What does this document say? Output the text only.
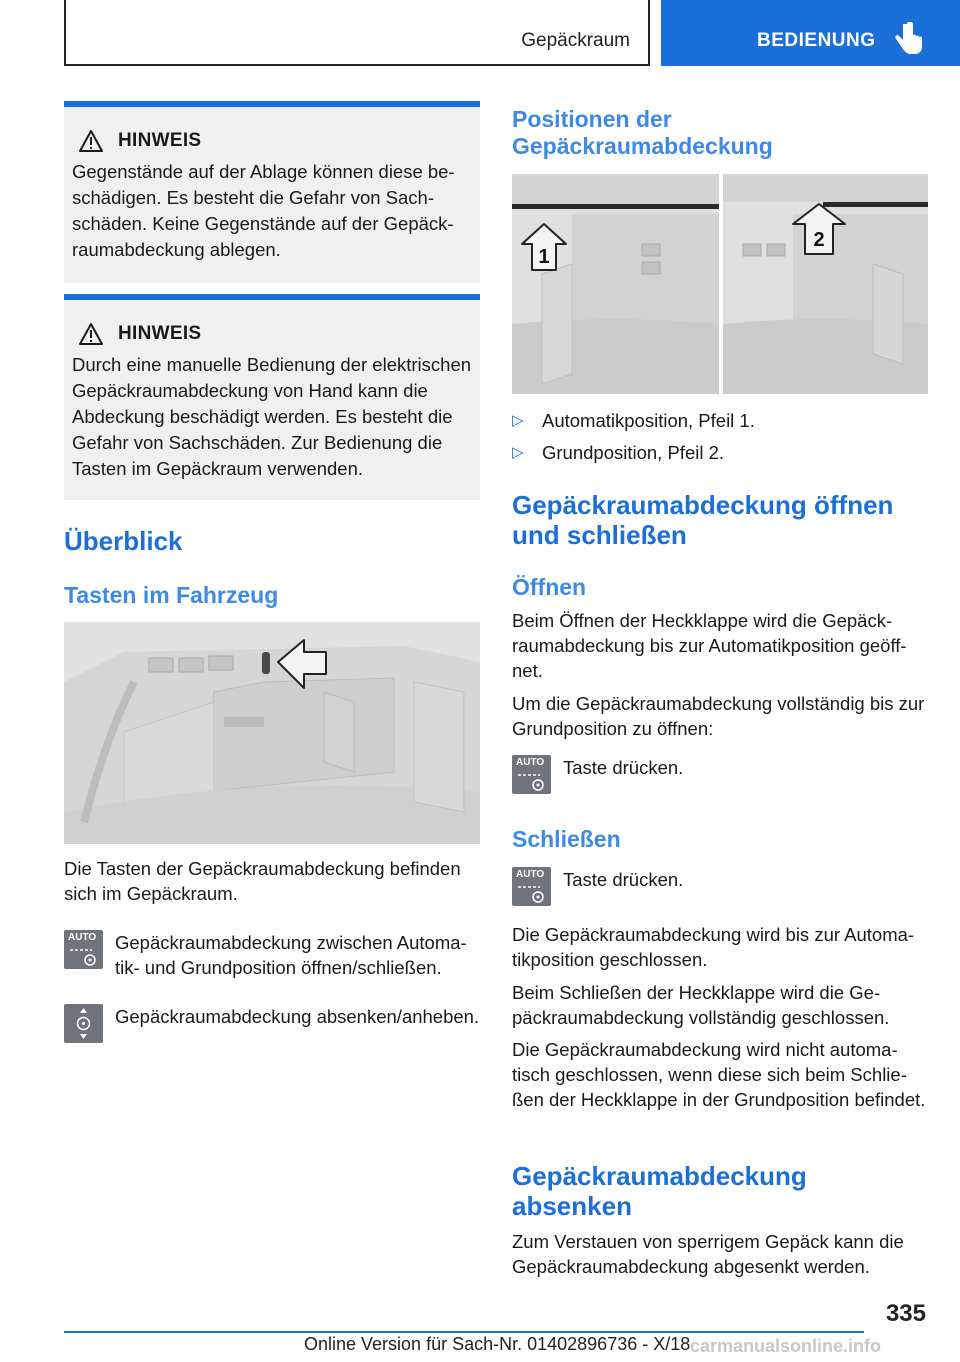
Gepäckraum	BEDIENUNG
HINWEIS
Gegenstände auf der Ablage können diese beschädigen. Es besteht die Gefahr von Sachschäden. Keine Gegenstände auf der Gepäckraumabdeckung ablegen.
HINWEIS
Durch eine manuelle Bedienung der elektrischen Gepäckraumabdeckung von Hand kann die Abdeckung beschädigt werden. Es besteht die Gefahr von Sachschäden. Zur Bedienung die Tasten im Gepäckraum verwenden.
Überblick
Tasten im Fahrzeug
Die Tasten der Gepäckraumabdeckung befinden sich im Gepäckraum.
AUTO Gepäckraumabdeckung zwischen Automatik- und Grundposition öffnen/schließen.
Gepäckraumabdeckung absenken/anheben.
Positionen der Gepäckraumabdeckung
1
2
▷ Automatikposition, Pfeil 1.
▷ Grundposition, Pfeil 2.
Gepäckraumabdeckung öffnen und schließen
Öffnen
Beim Öffnen der Heckklappe wird die Gepäckraumabdeckung bis zur Automatikposition geöffnet.
Um die Gepäckraumabdeckung vollständig bis zur Grundposition zu öffnen:
AUTO Taste drücken.
Schließen
AUTO Taste drücken.
Die Gepäckraumabdeckung wird bis zur Automatikposition geschlossen.
Beim Schließen der Heckklappe wird die Gepäckraumabdeckung vollständig geschlossen.
Die Gepäckraumabdeckung wird nicht automatisch geschlossen, wenn diese sich beim Schließen der Heckklappe in der Grundposition befindet.
Gepäckraumabdeckung absenken
Zum Verstauen von sperrigem Gepäck kann die Gepäckraumabdeckung abgesenkt werden.
335
Online Version für Sach-Nr. 01402896736 - X/18 carmanualsonline.info
